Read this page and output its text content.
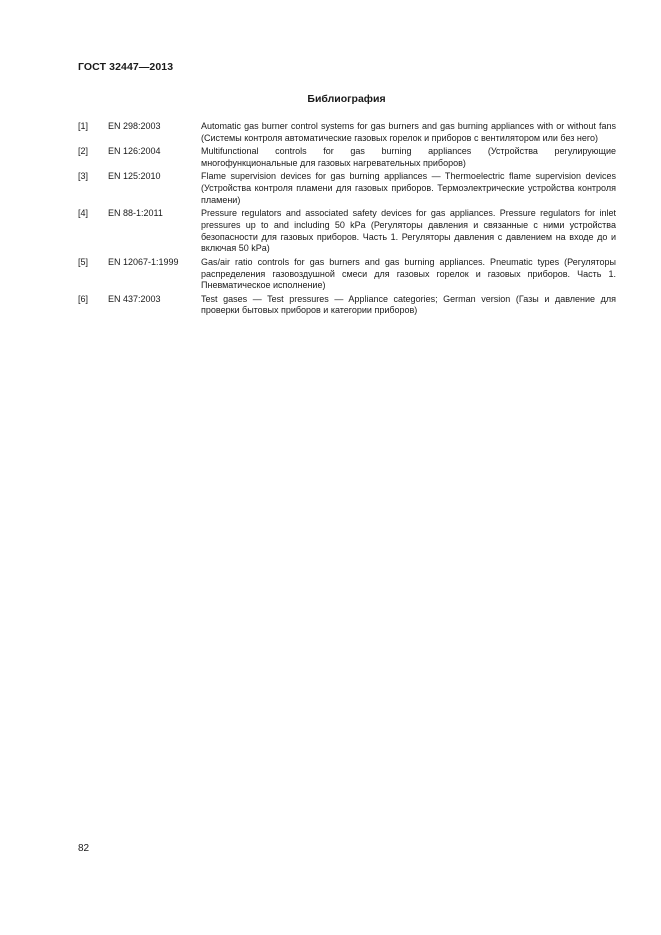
ГОСТ 32447—2013
Библиография
[1]	EN 298:2003	Automatic gas burner control systems for gas burners and gas burning appliances with or without fans (Системы контроля автоматические газовых горелок и приборов с вентилятором или без него)
[2]	EN 126:2004	Multifunctional controls for gas burning appliances (Устройства регулирующие многофункциональные для газовых нагревательных приборов)
[3]	EN 125:2010	Flame supervision devices for gas burning appliances — Thermoelectric flame supervision devices (Устройства контроля пламени для газовых приборов. Термоэлектрические устройства контроля пламени)
[4]	EN 88-1:2011	Pressure regulators and associated safety devices for gas appliances. Pressure regulators for inlet pressures up to and including 50 kPa (Регуляторы давления и связанные с ними устройства безопасности для газовых приборов. Часть 1. Регуляторы давления с давлением на входе до и включая 50 kPa)
[5]	EN 12067-1:1999	Gas/air ratio controls for gas burners and gas burning appliances. Pneumatic types (Регуляторы распределения газовоздушной смеси для газовых горелок и газовых приборов. Часть 1. Пневматическое исполнение)
[6]	EN 437:2003	Test gases — Test pressures — Appliance categories; German version (Газы и давление для проверки бытовых приборов и категории приборов)
82
